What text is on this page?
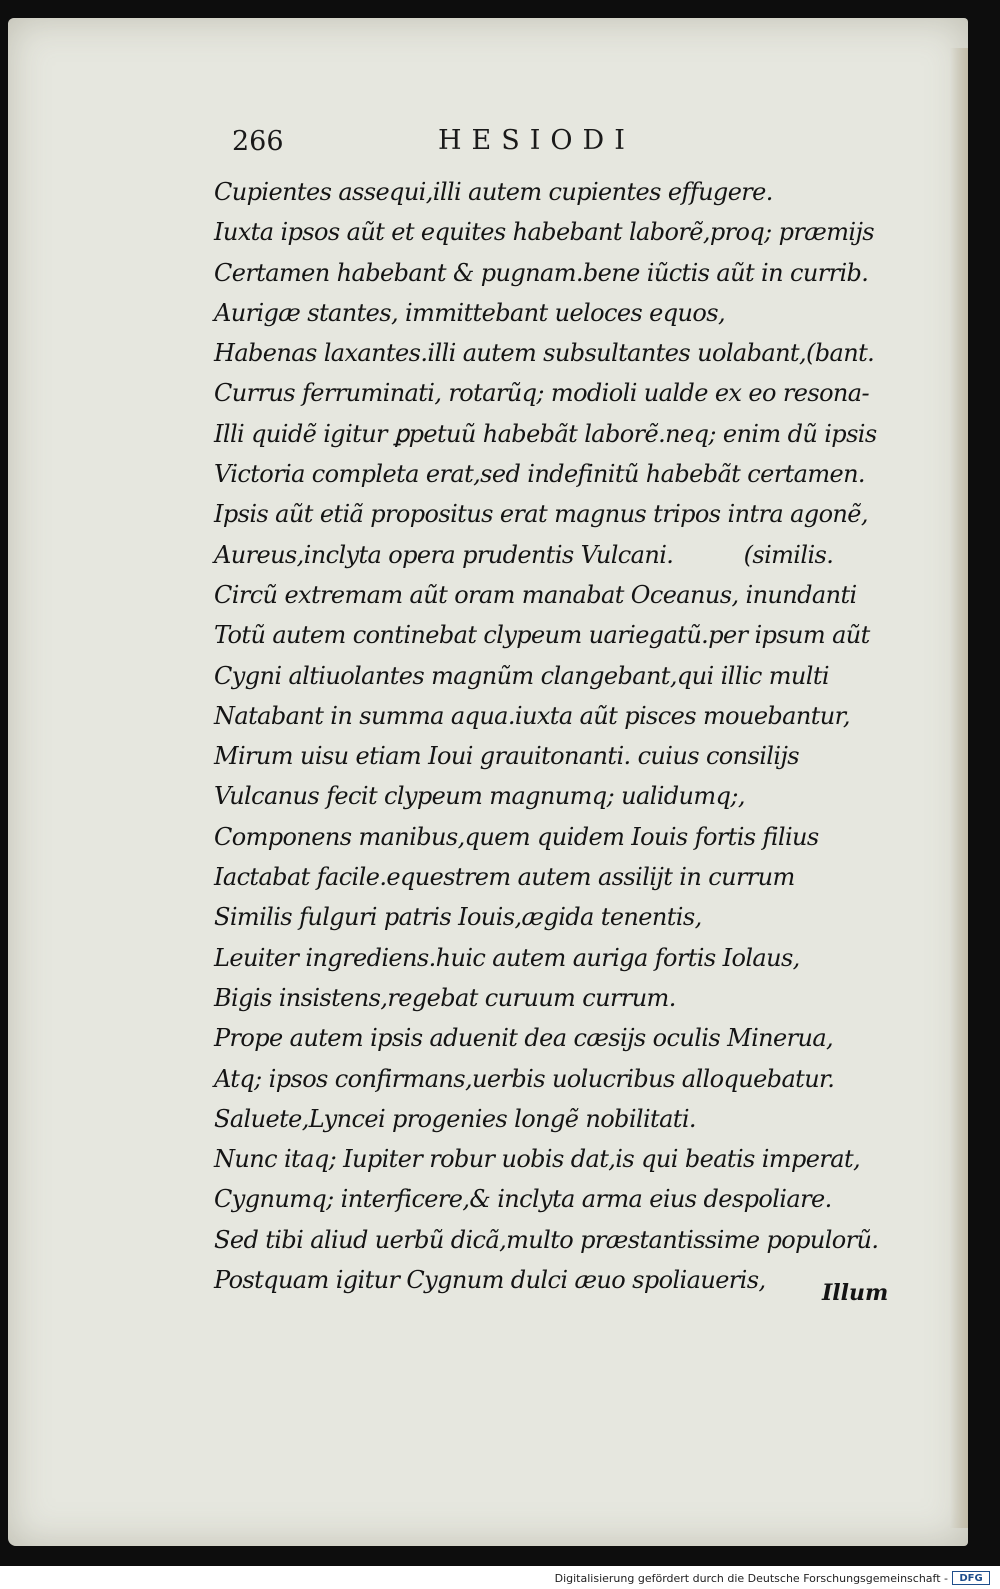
266	HESIODI
Cupientes assequi,illi autem cupientes effugere.
Iuxta ipsos aũt et equites habebant laborẽ,proq; præmijs
Certamen habebant & pugnam.bene iũctis aũt in currib.
Aurigæ stantes, immittebant ueloces equos,
Habenas laxantes.illi autem subsultantes uolabant,(bant.
Currus ferruminati, rotarũq; modioli ualde ex eo resona-
Illi quidẽ igitur ꝑpetuũ habebãt laborẽ.neq; enim dũ ipsis
Victoria completa erat,sed indefinitũ habebãt certamen.
Ipsis aũt etiã propositus erat magnus tripos intra agonẽ,
Aureus,inclyta opera prudentis Vulcani.          (similis.
Circũ extremam aũt oram manabat Oceanus, inundanti
Totũ autem continebat clypeum uariegatũ.per ipsum aũt
Cygni altiuolantes magnũm clangebant,qui illic multi
Natabant in summa aqua.iuxta aũt pisces mouebantur,
Mirum uisu etiam Ioui grauitonanti. cuius consilijs
Vulcanus fecit clypeum magnumq; ualidumq;,
Componens manibus,quem quidem Iouis fortis filius
Iactabat facile.equestrem autem assilijt in currum
Similis fulguri patris Iouis,ægida tenentis,
Leuiter ingrediens.huic autem auriga fortis Iolaus,
Bigis insistens,regebat curuum currum.
Prope autem ipsis aduenit dea cæsijs oculis Minerua,
Atq; ipsos confirmans,uerbis uolucribus alloquebatur.
Saluete,Lyncei progenies longẽ nobilitati.
Nunc itaq; Iupiter robur uobis dat,is qui beatis imperat,
Cygnumq; interficere,& inclyta arma eius despoliare.
Sed tibi aliud uerbũ dicã,multo præstantissime populorũ.
Postquam igitur Cygnum dulci æuo spoliaueris,	Illum
Digitalisierung gefördert durch die Deutsche Forschungsgemeinschaft -	DFG
